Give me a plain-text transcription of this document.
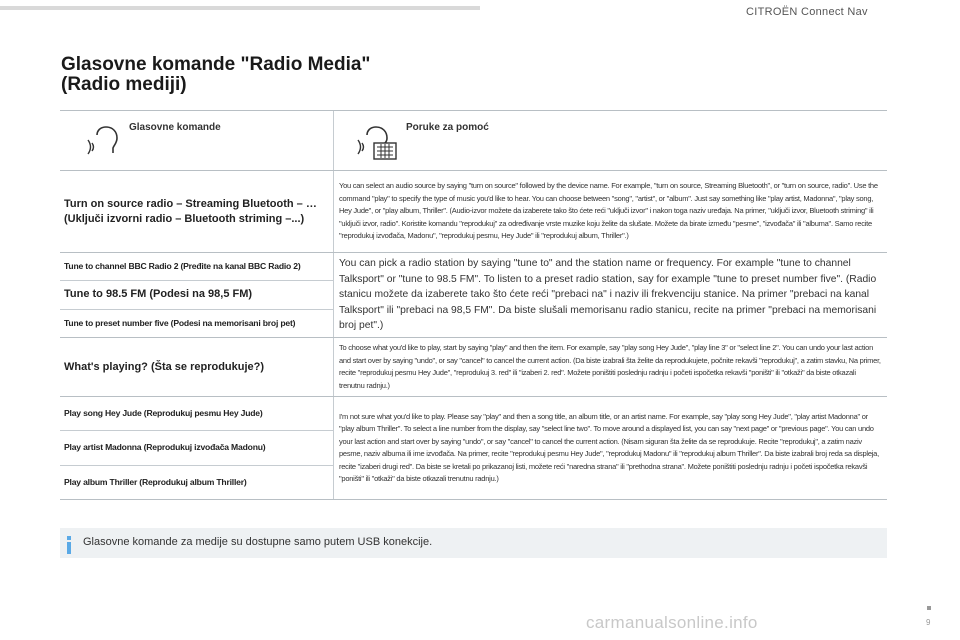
CITROËN Connect Nav
Glasovne komande "Radio Media" (Radio mediji)
Glasovne komande	Poruke za pomoć
Turn on source radio – Streaming Bluetooth – … (Uključi izvorni radio – Bluetooth striming –...)
You can select an audio source by saying "turn on source" followed by the device name. For example, "turn on source, Streaming Bluetooth", or "turn on source, radio". Use the command "play" to specify the type of music you'd like to hear. You can choose between "song", "artist", or "album". Just say something like "play artist, Madonna", "play song, Hey Jude", or "play album, Thriller". (Audio-izvor možete da izaberete tako što ćete reći "uključi izvor" i nakon toga naziv uređaja. Na primer, "uključi izvor, Bluetooth striming" ili "uključi izvor, radio". Koristite komandu "reprodukuj" za određivanje vrste muzike koju želite da slušate. Možete da birate između "pesme", "izvođača" ili "albuma". Samo recite "reprodukuj izvođača, Madonu", "reprodukuj pesmu, Hey Jude" ili "reprodukuj album, Thriller".)
Tune to channel BBC Radio 2 (Pređite na kanal BBC Radio 2)
Tune to 98.5 FM (Podesi na 98,5 FM)
Tune to preset number five (Podesi na memorisani broj pet)
You can pick a radio station by saying "tune to" and the station name or frequency. For example "tune to channel Talksport" or "tune to 98.5 FM". To listen to a preset radio station, say for example "tune to preset number five". (Radio stanicu možete da izaberete tako što ćete reći "prebaci na" i naziv ili frekvenciju stanice. Na primer "prebaci na kanal Talksport" ili "prebaci na 98,5 FM". Da biste slušali memorisanu radio stanicu, recite na primer "prebaci na memorisani broj pet".)
What's playing? (Šta se reprodukuje?)
To choose what you'd like to play, start by saying "play" and then the item. For example, say "play song Hey Jude", "play line 3" or "select line 2". You can undo your last action and start over by saying "undo", or say "cancel" to cancel the current action. (Da biste izabrali šta želite da reprodukujete, počnite rekavši "reprodukuj", a zatim stavku, Na primer, recite "reprodukuj pesmu Hey Jude", "reprodukuj 3. red" ili "izaberi 2. red". Možete poništiti poslednju radnju i početi ispočetka rekavši "poništi" ili "otkaži" da biste otkazali trenutnu radnju.)
Play song Hey Jude (Reprodukuj pesmu Hey Jude)
Play artist Madonna (Reprodukuj izvođača Madonu)
Play album Thriller (Reprodukuj album Thriller)
I'm not sure what you'd like to play. Please say "play" and then a song title, an album title, or an artist name. For example, say "play song Hey Jude", "play artist Madonna" or "play album Thriller". To select a line number from the display, say "select line two". To move around a displayed list, you can say "next page" or "previous page". You can undo your last action and start over by saying "undo", or say "cancel" to cancel the current action. (Nisam siguran šta želite da se reprodukuje. Recite "reprodukuj", a zatim naziv pesme, naziv albuma ili ime izvođača. Na primer, recite "reprodukuj pesmu Hey Jude", "reprodukuj Madonu" ili "reprodukuj album Thriller". Da biste izabrali broj reda sa displeja, recite "izaberi drugi red". Da biste se kretali po prikazanoj listi, možete reći "naredna strana" ili "prethodna strana". Možete poništiti poslednju radnju i početi ispočetka rekavši "poništi" ili "otkaži" da biste otkazali trenutnu radnju.)
Glasovne komande za medije su dostupne samo putem USB konekcije.
carmanualsonline.info	9
